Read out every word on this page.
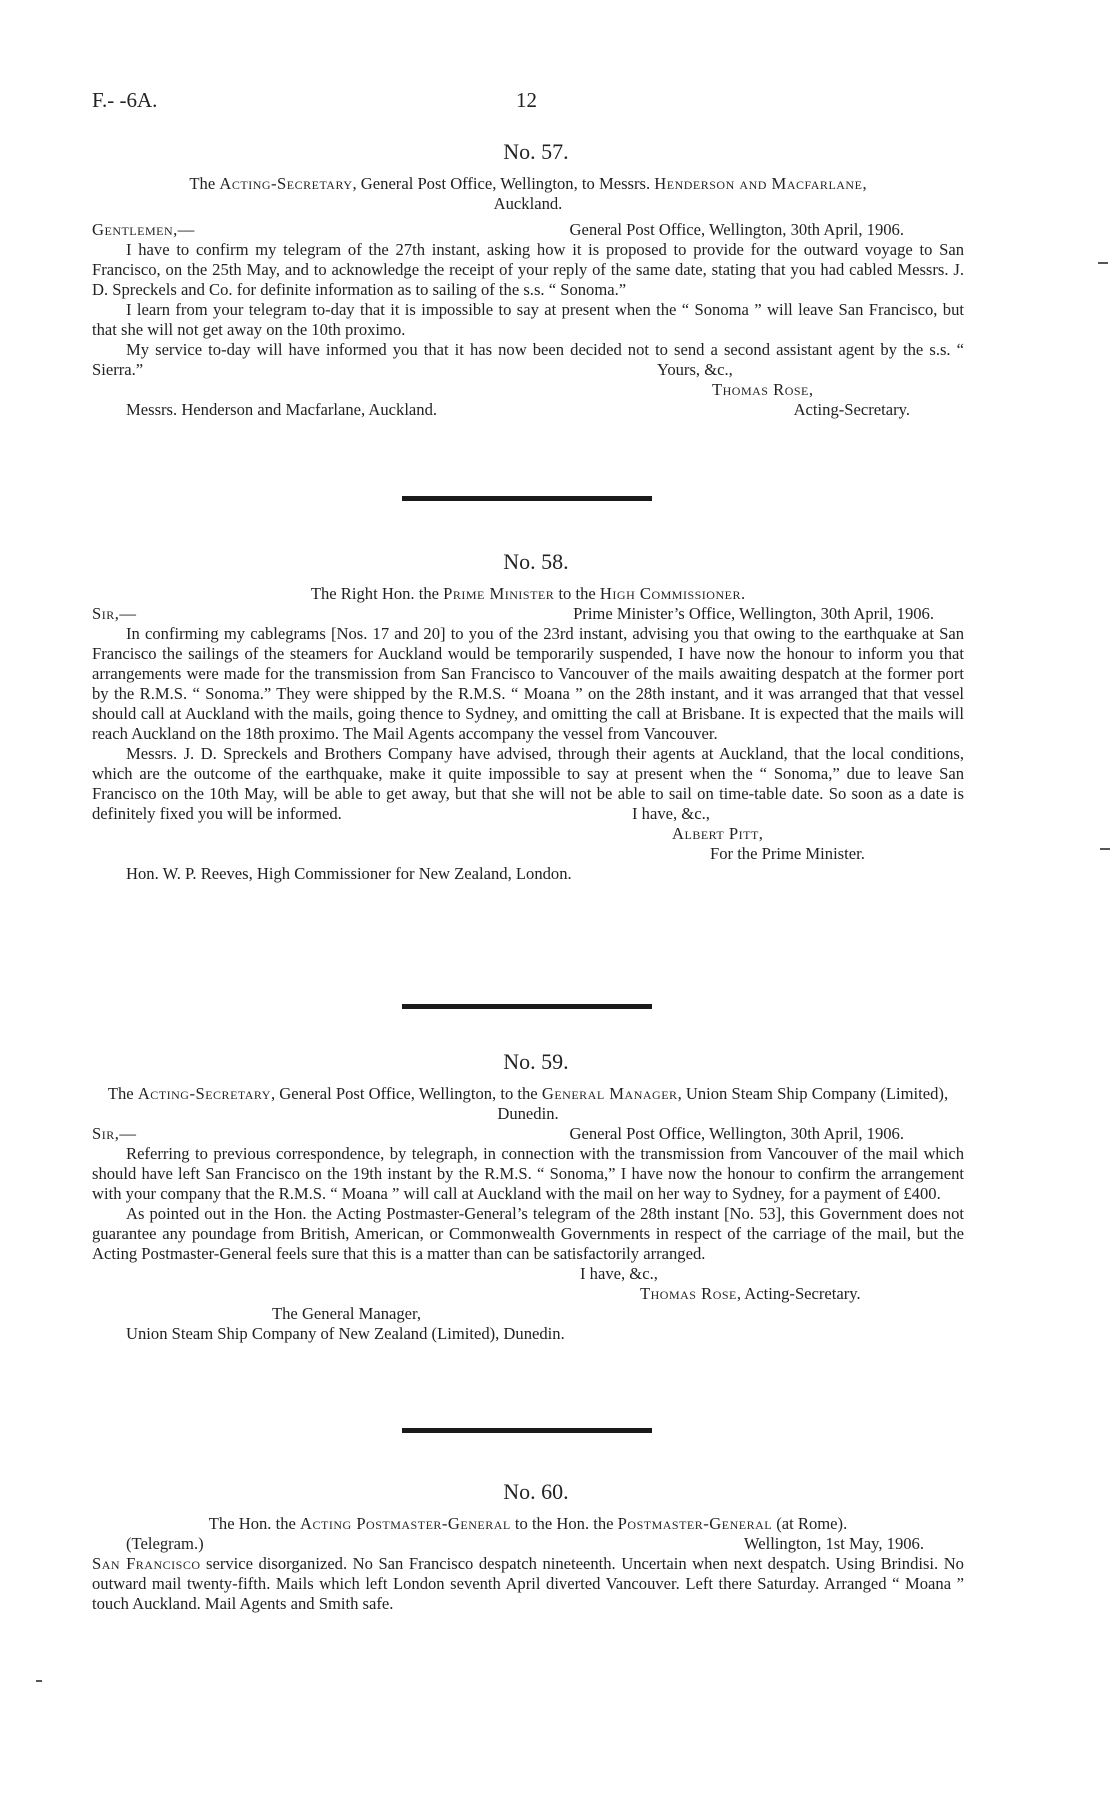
F.- -6A.	12
No. 57.
The Acting-Secretary, General Post Office, Wellington, to Messrs. Henderson and Macfarlane,
Auckland.
Gentlemen,—	General Post Office, Wellington, 30th April, 1906.

I have to confirm my telegram of the 27th instant, asking how it is proposed to provide for the outward voyage to San Francisco, on the 25th May, and to acknowledge the receipt of your reply of the same date, stating that you had cabled Messrs. J. D. Spreckels and Co. for definite information as to sailing of the s.s. “ Sonoma.”

I learn from your telegram to-day that it is impossible to say at present when the “ Sonoma ” will leave San Francisco, but that she will not get away on the 10th proximo.

My service to-day will have informed you that it has now been decided not to send a second assistant agent by the s.s. “ Sierra.”	Yours, &c.,
Thomas Rose,
Messrs. Henderson and Macfarlane, Auckland.	Acting-Secretary.
No. 58.
The Right Hon. the Prime Minister to the High Commissioner.
Sir,—	Prime Minister’s Office, Wellington, 30th April, 1906.

In confirming my cablegrams [Nos. 17 and 20] to you of the 23rd instant, advising you that owing to the earthquake at San Francisco the sailings of the steamers for Auckland would be temporarily suspended, I have now the honour to inform you that arrangements were made for the transmission from San Francisco to Vancouver of the mails awaiting despatch at the former port by the R.M.S. “ Sonoma.” They were shipped by the R.M.S. “ Moana ” on the 28th instant, and it was arranged that that vessel should call at Auckland with the mails, going thence to Sydney, and omitting the call at Brisbane. It is expected that the mails will reach Auckland on the 18th proximo. The Mail Agents accompany the vessel from Vancouver.

Messrs. J. D. Spreckels and Brothers Company have advised, through their agents at Auckland, that the local conditions, which are the outcome of the earthquake, make it quite impossible to say at present when the “ Sonoma,” due to leave San Francisco on the 10th May, will be able to get away, but that she will not be able to sail on time-table date. So soon as a date is definitely fixed you will be informed.	I have, &c.,
Albert Pitt,
For the Prime Minister.
Hon. W. P. Reeves, High Commissioner for New Zealand, London.
No. 59.
The Acting-Secretary, General Post Office, Wellington, to the General Manager, Union Steam Ship Company (Limited), Dunedin.
Sir,—	General Post Office, Wellington, 30th April, 1906.

Referring to previous correspondence, by telegraph, in connection with the transmission from Vancouver of the mail which should have left San Francisco on the 19th instant by the R.M.S. “ Sonoma,” I have now the honour to confirm the arrangement with your company that the R.M.S. “ Moana ” will call at Auckland with the mail on her way to Sydney, for a payment of £400.

As pointed out in the Hon. the Acting Postmaster-General’s telegram of the 28th instant [No. 53], this Government does not guarantee any poundage from British, American, or Commonwealth Governments in respect of the carriage of the mail, but the Acting Postmaster-General feels sure that this is a matter than can be satisfactorily arranged.

I have, &c.,
Thomas Rose, Acting-Secretary.
The General Manager,
Union Steam Ship Company of New Zealand (Limited), Dunedin.
No. 60.
The Hon. the Acting Postmaster-General to the Hon. the Postmaster-General (at Rome).
(Telegram.)	Wellington, 1st May, 1906.

San Francisco service disorganized. No San Francisco despatch nineteenth. Uncertain when next despatch. Using Brindisi. No outward mail twenty-fifth. Mails which left London seventh April diverted Vancouver. Left there Saturday. Arranged “ Moana ” touch Auckland. Mail Agents and Smith safe.
